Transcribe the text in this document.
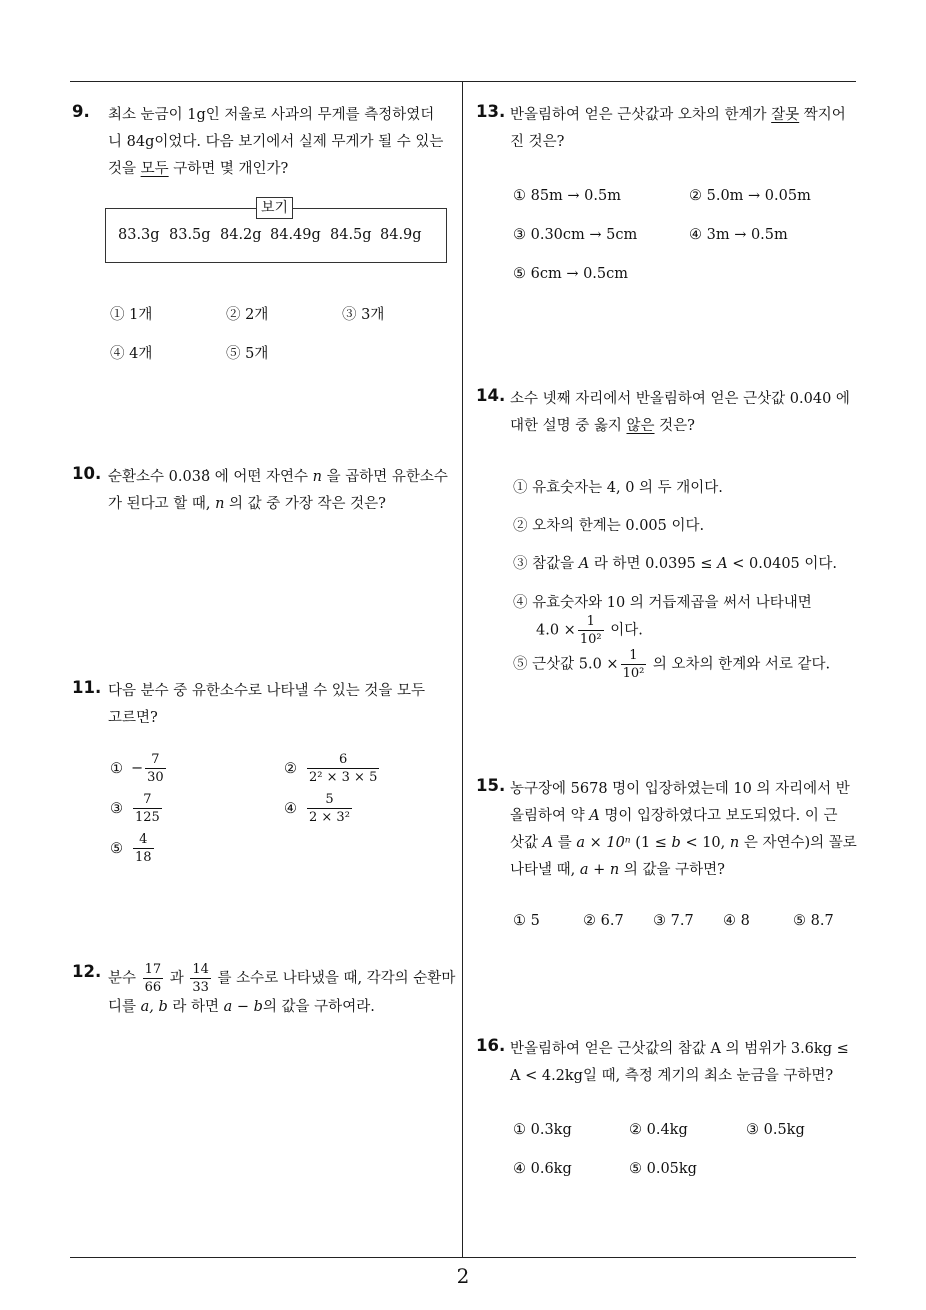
9. 최소 눈금이 1g인 저울로 사과의 무게를 측정하였더
니 84g이었다. 다음 보기에서 실제 무게가 될 수 있는
것을 모두 구하면 몇 개인가?
보기
83.3g 83.5g 84.2g 84.49g 84.5g 84.9g
① 1개	② 2개	③ 3개
④ 4개	⑤ 5개
10. 순환소수 0.038̇ 에 어떤 자연수 n 을 곱하면 유한소수
가 된다고 할 때, n 의 값 중 가장 작은 것은?
11. 다음 분수 중 유한소수로 나타낼 수 있는 것을 모두
고르면?
① − $\frac{7}{30}$	② $\frac{6}{\text{2² × 3 × 5}}$
③ $\frac{7}{125}$	④ $\frac{5}{\text{2 × 3²}}$
⑤ $\frac{4}{18}$
12. 분수 $\frac{17}{66}$ 과 $\frac{14}{33}$ 를 소수로 나타냈을 때, 각각의 순환마
디를 a, b 라 하면 a − b의 값을 구하여라.
13. 반올림하여 얻은 근삿값과 오차의 한계가 잘못 짝지어
진 것은?
① 85m → 0.5m	② 5.0m → 0.05m
③ 0.30cm → 5cm	④ 3m → 0.5m
⑤ 6cm → 0.5cm
14. 소수 넷째 자리에서 반올림하여 얻은 근삿값 0.040 에
대한 설명 중 옳지 않은 것은?
① 유효숫자는 4, 0 의 두 개이다.
② 오차의 한계는 0.005 이다.
③ 참값을 A 라 하면 0.0395 ≤ A < 0.0405 이다.
④ 유효숫자와 10 의 거듭제곱을 써서 나타내면
$4.0 \times \frac{1}{\text{10²}}$ 이다.
⑤ 근삿값 $5.0 \times \frac{1}{\text{10²}}$ 의 오차의 한계와 서로 같다.
15. 농구장에 5678 명이 입장하였는데 10 의 자리에서 반
올림하여 약 A 명이 입장하였다고 보도되었다. 이 근
삿값 A 를 a × 10ⁿ (1 ≤ b < 10, n 은 자연수)의 꼴로
나타낼 때, a + n 의 값을 구하면?
① 5	② 6.7 ③ 7.7 ④ 8	⑤ 8.7
16. 반올림하여 얻은 근삿값의 참값 A 의 범위가 3.6kg ≤
A < 4.2kg일 때, 측정 계기의 최소 눈금을 구하면?
① 0.3kg	② 0.4kg	③ 0.5kg
④ 0.6kg	⑤ 0.05kg
2
